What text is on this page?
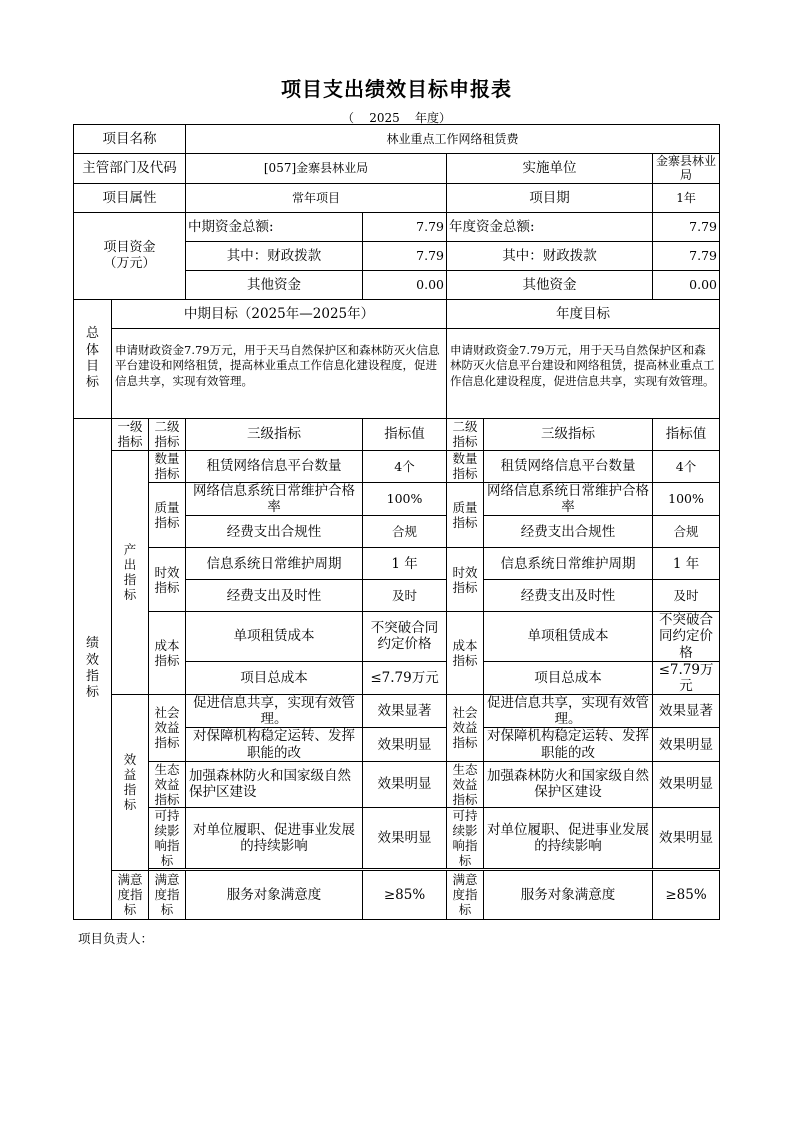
项目支出绩效目标申报表
（    2025    年度）
项目名称			林业重点工作网络租赁费				
主管部门及代码			[057]金寨县林业局		实施单位		金寨县林业局
项目属性			常年项目		项目期		1年
项目资金（万元）			中期资金总额:	7.79	年度资金总额:		7.79
			其中：财政拨款	7.79	其中：财政拨款		7.79
			其他资金	0.00	其他资金		0.00
总体目标	中期目标（2025年—2025年）				年度目标		
	申请财政资金7.79万元，用于天马自然保护区和森林防灭火信息平台建设和网络租赁，提高林业重点工作信息化建设程度，促进信息共享，实现有效管理。				申请财政资金7.79万元，用于天马自然保护区和森林防灭火信息平台建设和网络租赁，提高林业重点工作信息化建设程度，促进信息共享，实现有效管理。		
绩效指标	一级指标	二级指标	三级指标	指标值	二级指标	三级指标	指标值
	产出指标	数量指标	租赁网络信息平台数量	4个	数量指标	租赁网络信息平台数量	4个
		质量指标	网络信息系统日常维护合格率	100%	质量指标	网络信息系统日常维护合格率	100%
			经费支出合规性	合规		经费支出合规性	合规
		时效指标	信息系统日常维护周期	1 年	时效指标	信息系统日常维护周期	1 年
			经费支出及时性	及时		经费支出及时性	及时
		成本指标	单项租赁成本	不突破合同约定价格	成本指标	单项租赁成本	不突破合同约定价格
			项目总成本	≤7.79万元		项目总成本	≤7.79万元
	效益指标	社会效益指标	促进信息共享，实现有效管理。	效果显著	社会效益指标	促进信息共享，实现有效管理。	效果显著
			对保障机构稳定运转、发挥职能的改	效果明显		对保障机构稳定运转、发挥职能的改	效果明显
		生态效益指标	加强森林防火和国家级自然保护区建设	效果明显	生态效益指标	加强森林防火和国家级自然保护区建设	效果明显
		可持续影响指标	对单位履职、促进事业发展的持续影响	效果明显	可持续影响指标	对单位履职、促进事业发展的持续影响	效果明显

	满意度指标	满意度指标	服务对象满意度	≥85%	满意度指标	服务对象满意度	≥85%
项目负责人：
